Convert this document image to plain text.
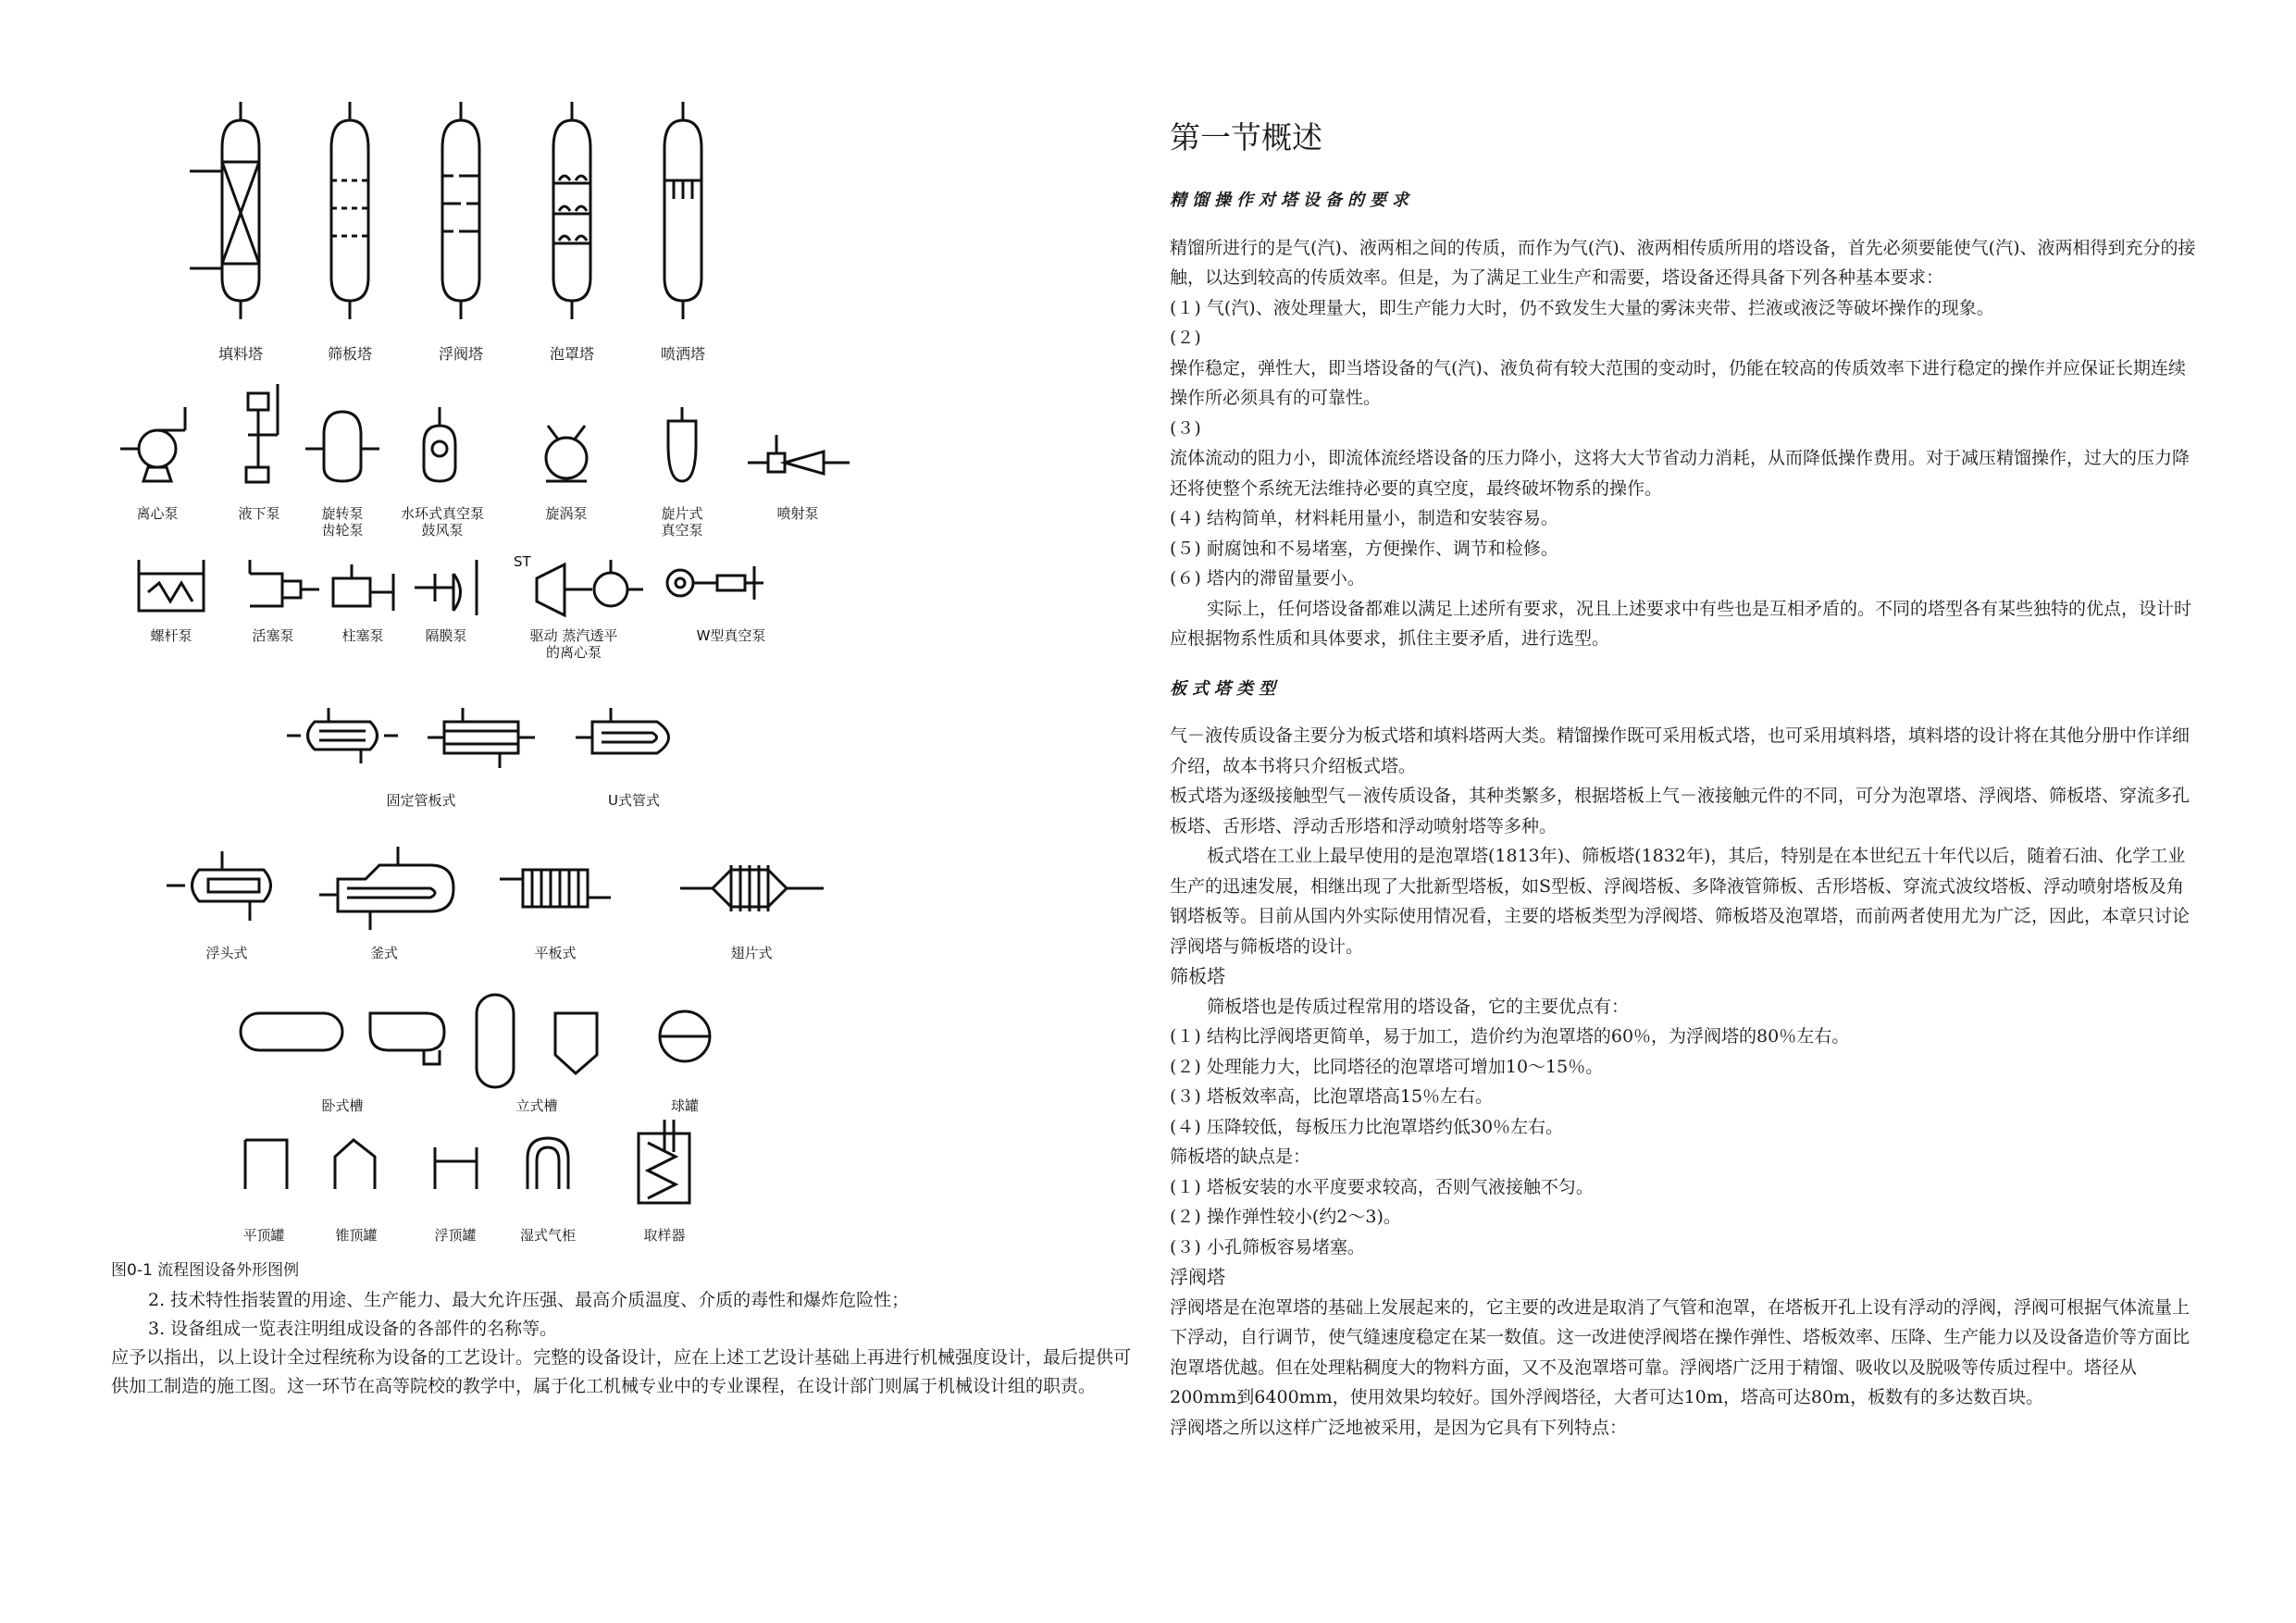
填料塔	筛板塔	浮阀塔	泡罩塔	喷洒塔
离心泵	液下泵	旋转泵齿轮泵
水环式真空泵鼓风泵
旋涡泵	旋片式真空泵
喷射泵
ST
螺杆泵	活塞泵	柱塞泵	隔膜泵	驱动 蒸汽透平的离心泵
W型真空泵
固定管板式	U式管式
浮头式	釜式	平板式	翅片式
卧式槽	立式槽	球罐
平顶罐	锥顶罐	浮顶罐	湿式气柜	取样器
图0-1 流程图设备外形图例

2. 技术特性指装置的用途、生产能力、最大允许压强、最高介质温度、介质的毒性和爆炸危险性；

3. 设备组成一览表注明组成设备的各部件的名称等。

应予以指出，以上设计全过程统称为设备的工艺设计。完整的设备设计，应在上述工艺设计基础上再进行机械强度设计，最后提供可供加工制造的施工图。这一环节在高等院校的教学中，属于化工机械专业中的专业课程，在设计部门则属于机械设计组的职责。

第一节概述

精馏操作对塔设备的要求

精馏所进行的是气(汽)、液两相之间的传质，而作为气(汽)、液两相传质所用的塔设备，首先必须要能使气(汽)、液两相得到充分的接触，以达到较高的传质效率。但是，为了满足工业生产和需要，塔设备还得具备下列各种基本要求：

(１) 气(汽)、液处理量大，即生产能力大时，仍不致发生大量的雾沫夹带、拦液或液泛等破坏操作的现象。

(２)

操作稳定，弹性大，即当塔设备的气(汽)、液负荷有较大范围的变动时，仍能在较高的传质效率下进行稳定的操作并应保证长期连续操作所必须具有的可靠性。

(３)

流体流动的阻力小，即流体流经塔设备的压力降小，这将大大节省动力消耗，从而降低操作费用。对于减压精馏操作，过大的压力降还将使整个系统无法维持必要的真空度，最终破坏物系的操作。

(４) 结构简单，材料耗用量小，制造和安装容易。

(５) 耐腐蚀和不易堵塞，方便操作、调节和检修。

(６) 塔内的滞留量要小。

实际上，任何塔设备都难以满足上述所有要求，况且上述要求中有些也是互相矛盾的。不同的塔型各有某些独特的优点，设计时应根据物系性质和具体要求，抓住主要矛盾，进行选型。

板式塔类型

气－液传质设备主要分为板式塔和填料塔两大类。精馏操作既可采用板式塔，也可采用填料塔，填料塔的设计将在其他分册中作详细介绍，故本书将只介绍板式塔。

板式塔为逐级接触型气－液传质设备，其种类繁多，根据塔板上气－液接触元件的不同，可分为泡罩塔、浮阀塔、筛板塔、穿流多孔板塔、舌形塔、浮动舌形塔和浮动喷射塔等多种。

板式塔在工业上最早使用的是泡罩塔(1813年)、筛板塔(1832年)，其后，特别是在本世纪五十年代以后，随着石油、化学工业生产的迅速发展，相继出现了大批新型塔板，如S型板、浮阀塔板、多降液管筛板、舌形塔板、穿流式波纹塔板、浮动喷射塔板及角钢塔板等。目前从国内外实际使用情况看，主要的塔板类型为浮阀塔、筛板塔及泡罩塔，而前两者使用尤为广泛，因此，本章只讨论浮阀塔与筛板塔的设计。

筛板塔

筛板塔也是传质过程常用的塔设备，它的主要优点有：

(１) 结构比浮阀塔更简单，易于加工，造价约为泡罩塔的60％，为浮阀塔的80％左右。

(２) 处理能力大，比同塔径的泡罩塔可增加10～15％。

(３) 塔板效率高，比泡罩塔高15％左右。

(４) 压降较低，每板压力比泡罩塔约低30％左右。

筛板塔的缺点是：

(１) 塔板安装的水平度要求较高，否则气液接触不匀。

(２) 操作弹性较小(约2～3)。

(３) 小孔筛板容易堵塞。

浮阀塔

浮阀塔是在泡罩塔的基础上发展起来的，它主要的改进是取消了气管和泡罩，在塔板开孔上设有浮动的浮阀，浮阀可根据气体流量上下浮动，自行调节，使气缝速度稳定在某一数值。这一改进使浮阀塔在操作弹性、塔板效率、压降、生产能力以及设备造价等方面比泡罩塔优越。但在处理粘稠度大的物料方面，又不及泡罩塔可靠。浮阀塔广泛用于精馏、吸收以及脱吸等传质过程中。塔径从200mm到6400mm，使用效果均较好。国外浮阀塔径，大者可达10m，塔高可达80m，板数有的多达数百块。

浮阀塔之所以这样广泛地被采用，是因为它具有下列特点：
